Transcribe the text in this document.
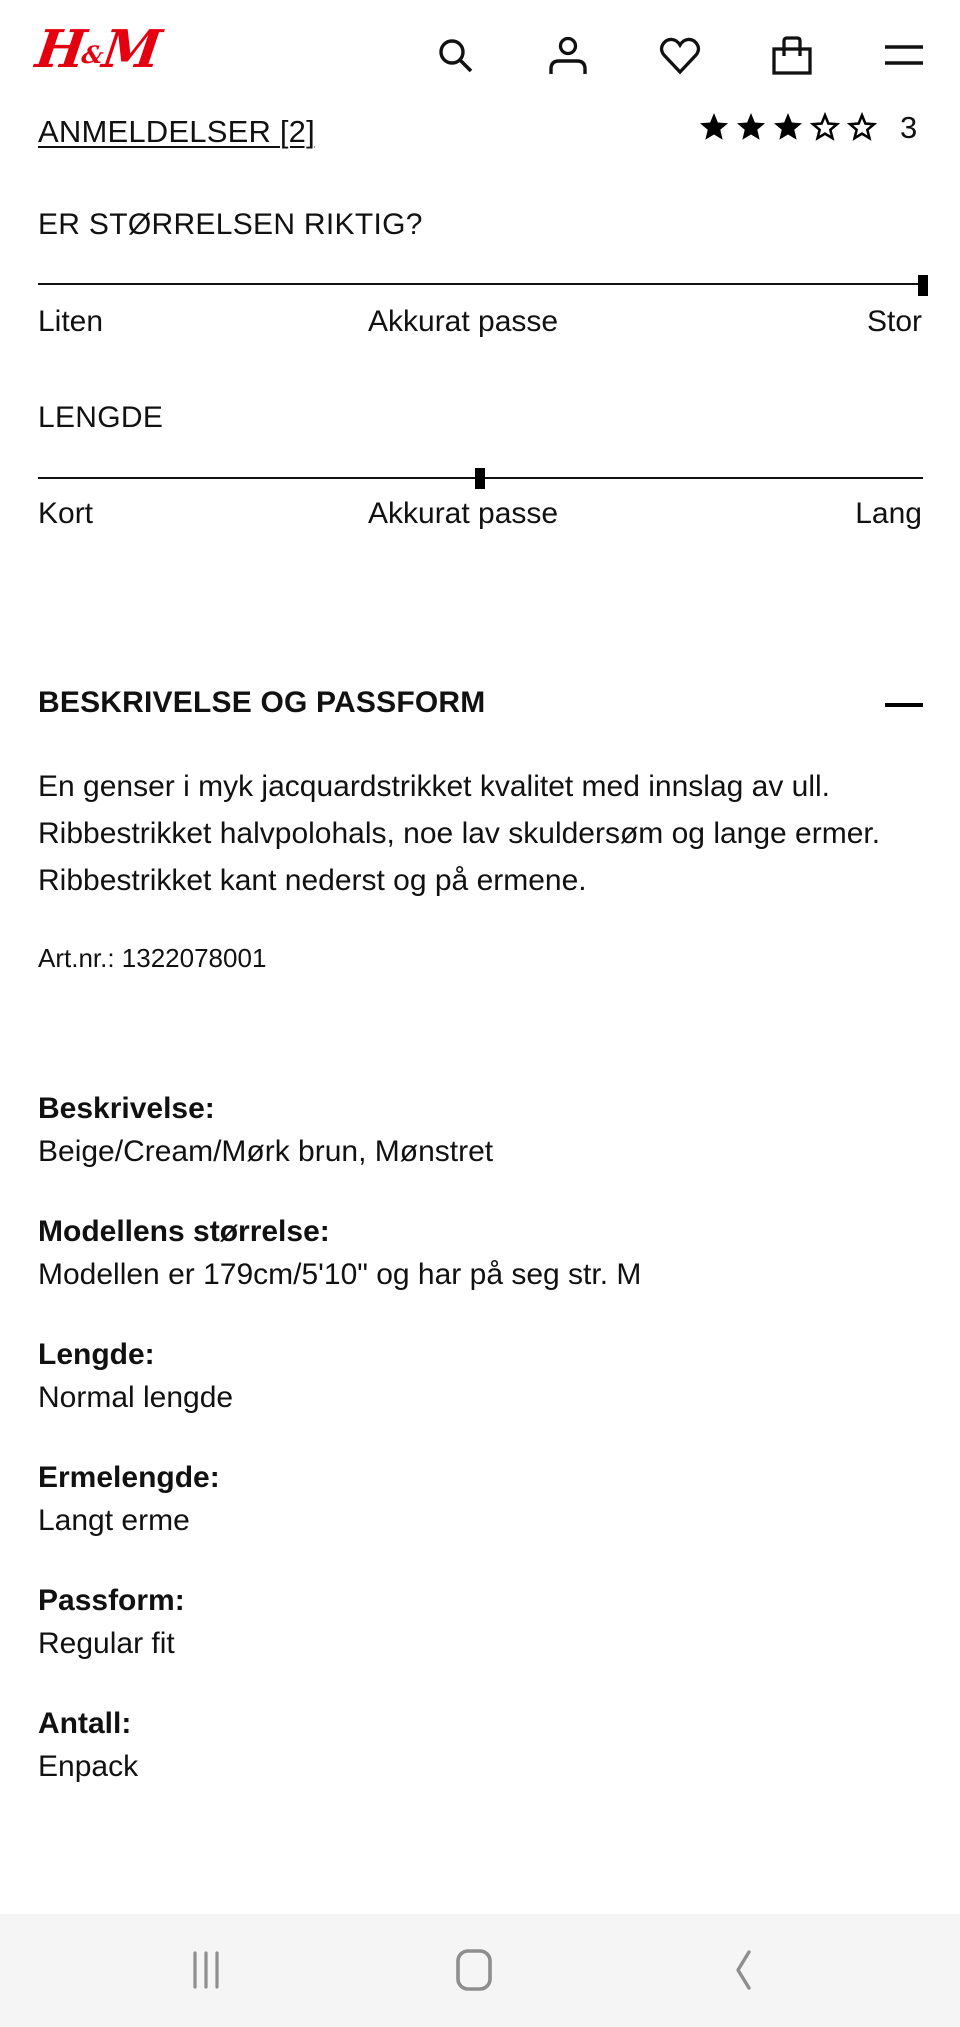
H&M
ANMELDELSER [2]	3
ER STØRRELSEN RIKTIG?
Liten	Akkurat passe	Stor
LENGDE
Kort	Akkurat passe	Lang
BESKRIVELSE OG PASSFORM
En genser i myk jacquardstrikket kvalitet med innslag av ull. Ribbestrikket halvpolohals, noe lav skuldersøm og lange ermer. Ribbestrikket kant nederst og på ermene.
Art.nr.: 1322078001
Beskrivelse:
Beige/Cream/Mørk brun, Mønstret
Modellens størrelse:
Modellen er 179cm/5'10" og har på seg str. M
Lengde:
Normal lengde
Ermelengde:
Langt erme
Passform:
Regular fit
Antall:
Enpack
